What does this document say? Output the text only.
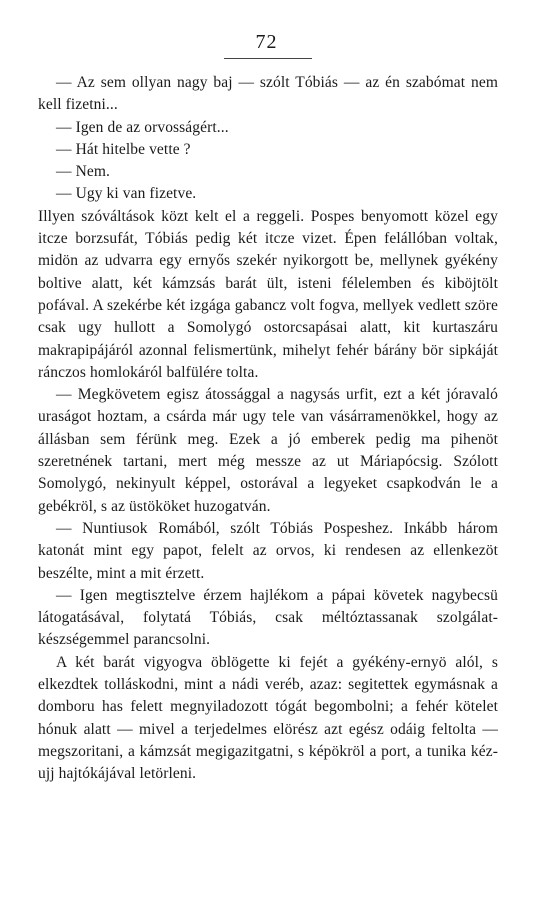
72

— Az sem ollyan nagy baj — szólt Tóbiás — az én szabómat nem kell fizetni...

— Igen de az orvosságért...

— Hát hitelbe vette ?

— Nem.

— Ugy ki van fizetve.

Illyen szóváltások közt kelt el a reggeli. Pospes benyomott közel egy itcze borzsufát, Tóbiás pedig két itcze vizet. Épen felállóban voltak, midön az udvarra egy ernyős szekér nyikorgott be, mellynek gyékény boltive alatt, két kámzsás barát ült, isteni félelemben és kiböjtölt pofával. A szekérbe két izgága gabancz volt fogva, mellyek vedlett szöre csak ugy hullott a Somolygó ostorcsapásai alatt, kit kurtaszáru makrapipájáról azonnal felismertünk, mihelyt fehér bárány bör sipkáját ránczos homlokáról balfülére tolta.

— Megkövetem egisz átossággal a nagysás urfit, ezt a két jóravaló uraságot hoztam, a csárda már ugy tele van vásárramenökkel, hogy az állásban sem férünk meg. Ezek a jó emberek pedig ma pihenöt szeretnének tartani, mert még messze az ut Máriapócsig. Szólott Somolygó, nekinyult képpel, ostorával a legyeket csapkodván le a gebékröl, s az üstököket huzogatván.

— Nuntiusok Romából, szólt Tóbiás Pospeshez. Inkább három katonát mint egy papot, felelt az orvos, ki rendesen az ellenkezöt beszélte, mint a mit érzett.

— Igen megtisztelve érzem hajlékom a pápai követek nagybecsü látogatásával, folytatá Tóbiás, csak méltóztassanak szolgálat-készségemmel parancsolni.

A két barát vigyogva öblögette ki fejét a gyékény-ernyö alól, s elkezdtek tolláskodni, mint a nádi veréb, azaz: segitettek egymásnak a domboru has felett megnyiladozott tógát begombolni; a fehér kötelet hónuk alatt — mivel a terjedelmes elörész azt egész odáig feltolta — megszoritani, a kámzsát megigazitgatni, s képökröl a port, a tunika kéz-ujj hajtókájával letörleni.
